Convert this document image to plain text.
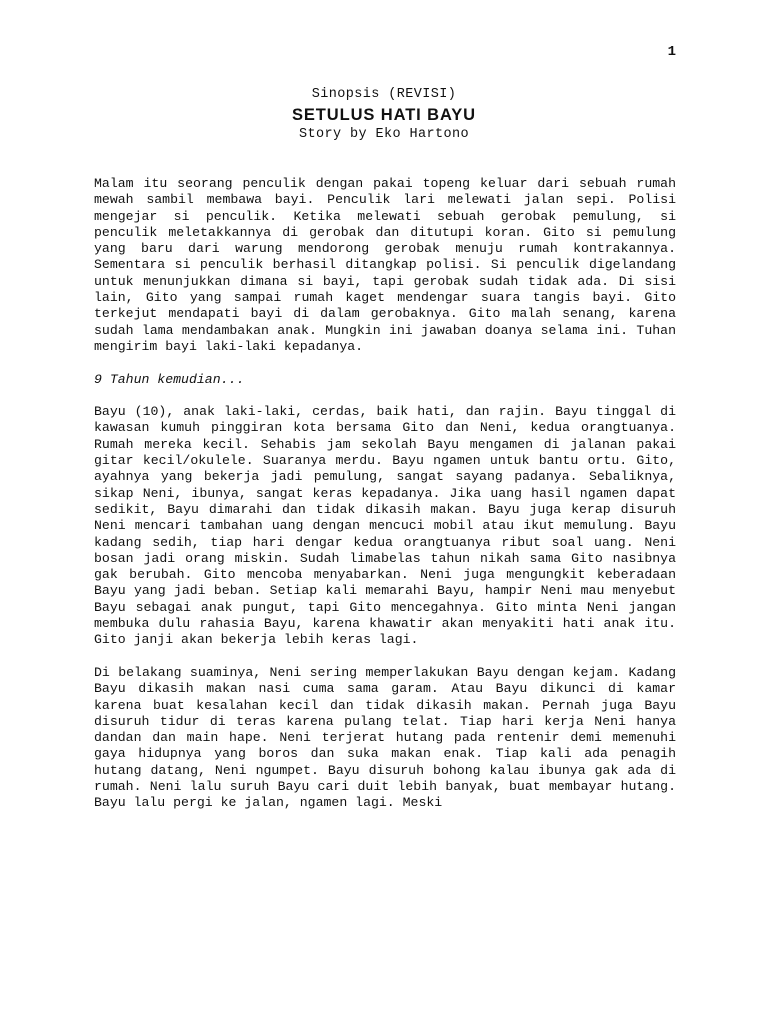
1
Sinopsis (REVISI)
SETULUS HATI BAYU
Story by Eko Hartono

Malam itu seorang penculik dengan pakai topeng keluar dari sebuah rumah mewah sambil membawa bayi. Penculik lari melewati jalan sepi. Polisi mengejar si penculik. Ketika melewati sebuah gerobak pemulung, si penculik meletakkannya di gerobak dan ditutupi koran. Gito si pemulung yang baru dari warung mendorong gerobak menuju rumah kontrakannya. Sementara si penculik berhasil ditangkap polisi. Si penculik digelandang untuk menunjukkan dimana si bayi, tapi gerobak sudah tidak ada. Di sisi lain, Gito yang sampai rumah kaget mendengar suara tangis bayi. Gito terkejut mendapati bayi di dalam gerobaknya. Gito malah senang, karena sudah lama mendambakan anak. Mungkin ini jawaban doanya selama ini. Tuhan mengirim bayi laki-laki kepadanya.

9 Tahun kemudian...

Bayu (10), anak laki-laki, cerdas, baik hati, dan rajin. Bayu tinggal di kawasan kumuh pinggiran kota bersama Gito dan Neni, kedua orangtuanya. Rumah mereka kecil. Sehabis jam sekolah Bayu mengamen di jalanan pakai gitar kecil/okulele. Suaranya merdu. Bayu ngamen untuk bantu ortu. Gito, ayahnya yang bekerja jadi pemulung, sangat sayang padanya. Sebaliknya, sikap Neni, ibunya, sangat keras kepadanya. Jika uang hasil ngamen dapat sedikit, Bayu dimarahi dan tidak dikasih makan. Bayu juga kerap disuruh Neni mencari tambahan uang dengan mencuci mobil atau ikut memulung. Bayu kadang sedih, tiap hari dengar kedua orangtuanya ribut soal uang. Neni bosan jadi orang miskin. Sudah limabelas tahun nikah sama Gito nasibnya gak berubah. Gito mencoba menyabarkan. Neni juga mengungkit keberadaan Bayu yang jadi beban. Setiap kali memarahi Bayu, hampir Neni mau menyebut Bayu sebagai anak pungut, tapi Gito mencegahnya. Gito minta Neni jangan membuka dulu rahasia Bayu, karena khawatir akan menyakiti hati anak itu. Gito janji akan bekerja lebih keras lagi.

Di belakang suaminya, Neni sering memperlakukan Bayu dengan kejam. Kadang Bayu dikasih makan nasi cuma sama garam. Atau Bayu dikunci di kamar karena buat kesalahan kecil dan tidak dikasih makan. Pernah juga Bayu disuruh tidur di teras karena pulang telat. Tiap hari kerja Neni hanya dandan dan main hape. Neni terjerat hutang pada rentenir demi memenuhi gaya hidupnya yang boros dan suka makan enak. Tiap kali ada penagih hutang datang, Neni ngumpet. Bayu disuruh bohong kalau ibunya gak ada di rumah. Neni lalu suruh Bayu cari duit lebih banyak, buat membayar hutang. Bayu lalu pergi ke jalan, ngamen lagi. Meski
